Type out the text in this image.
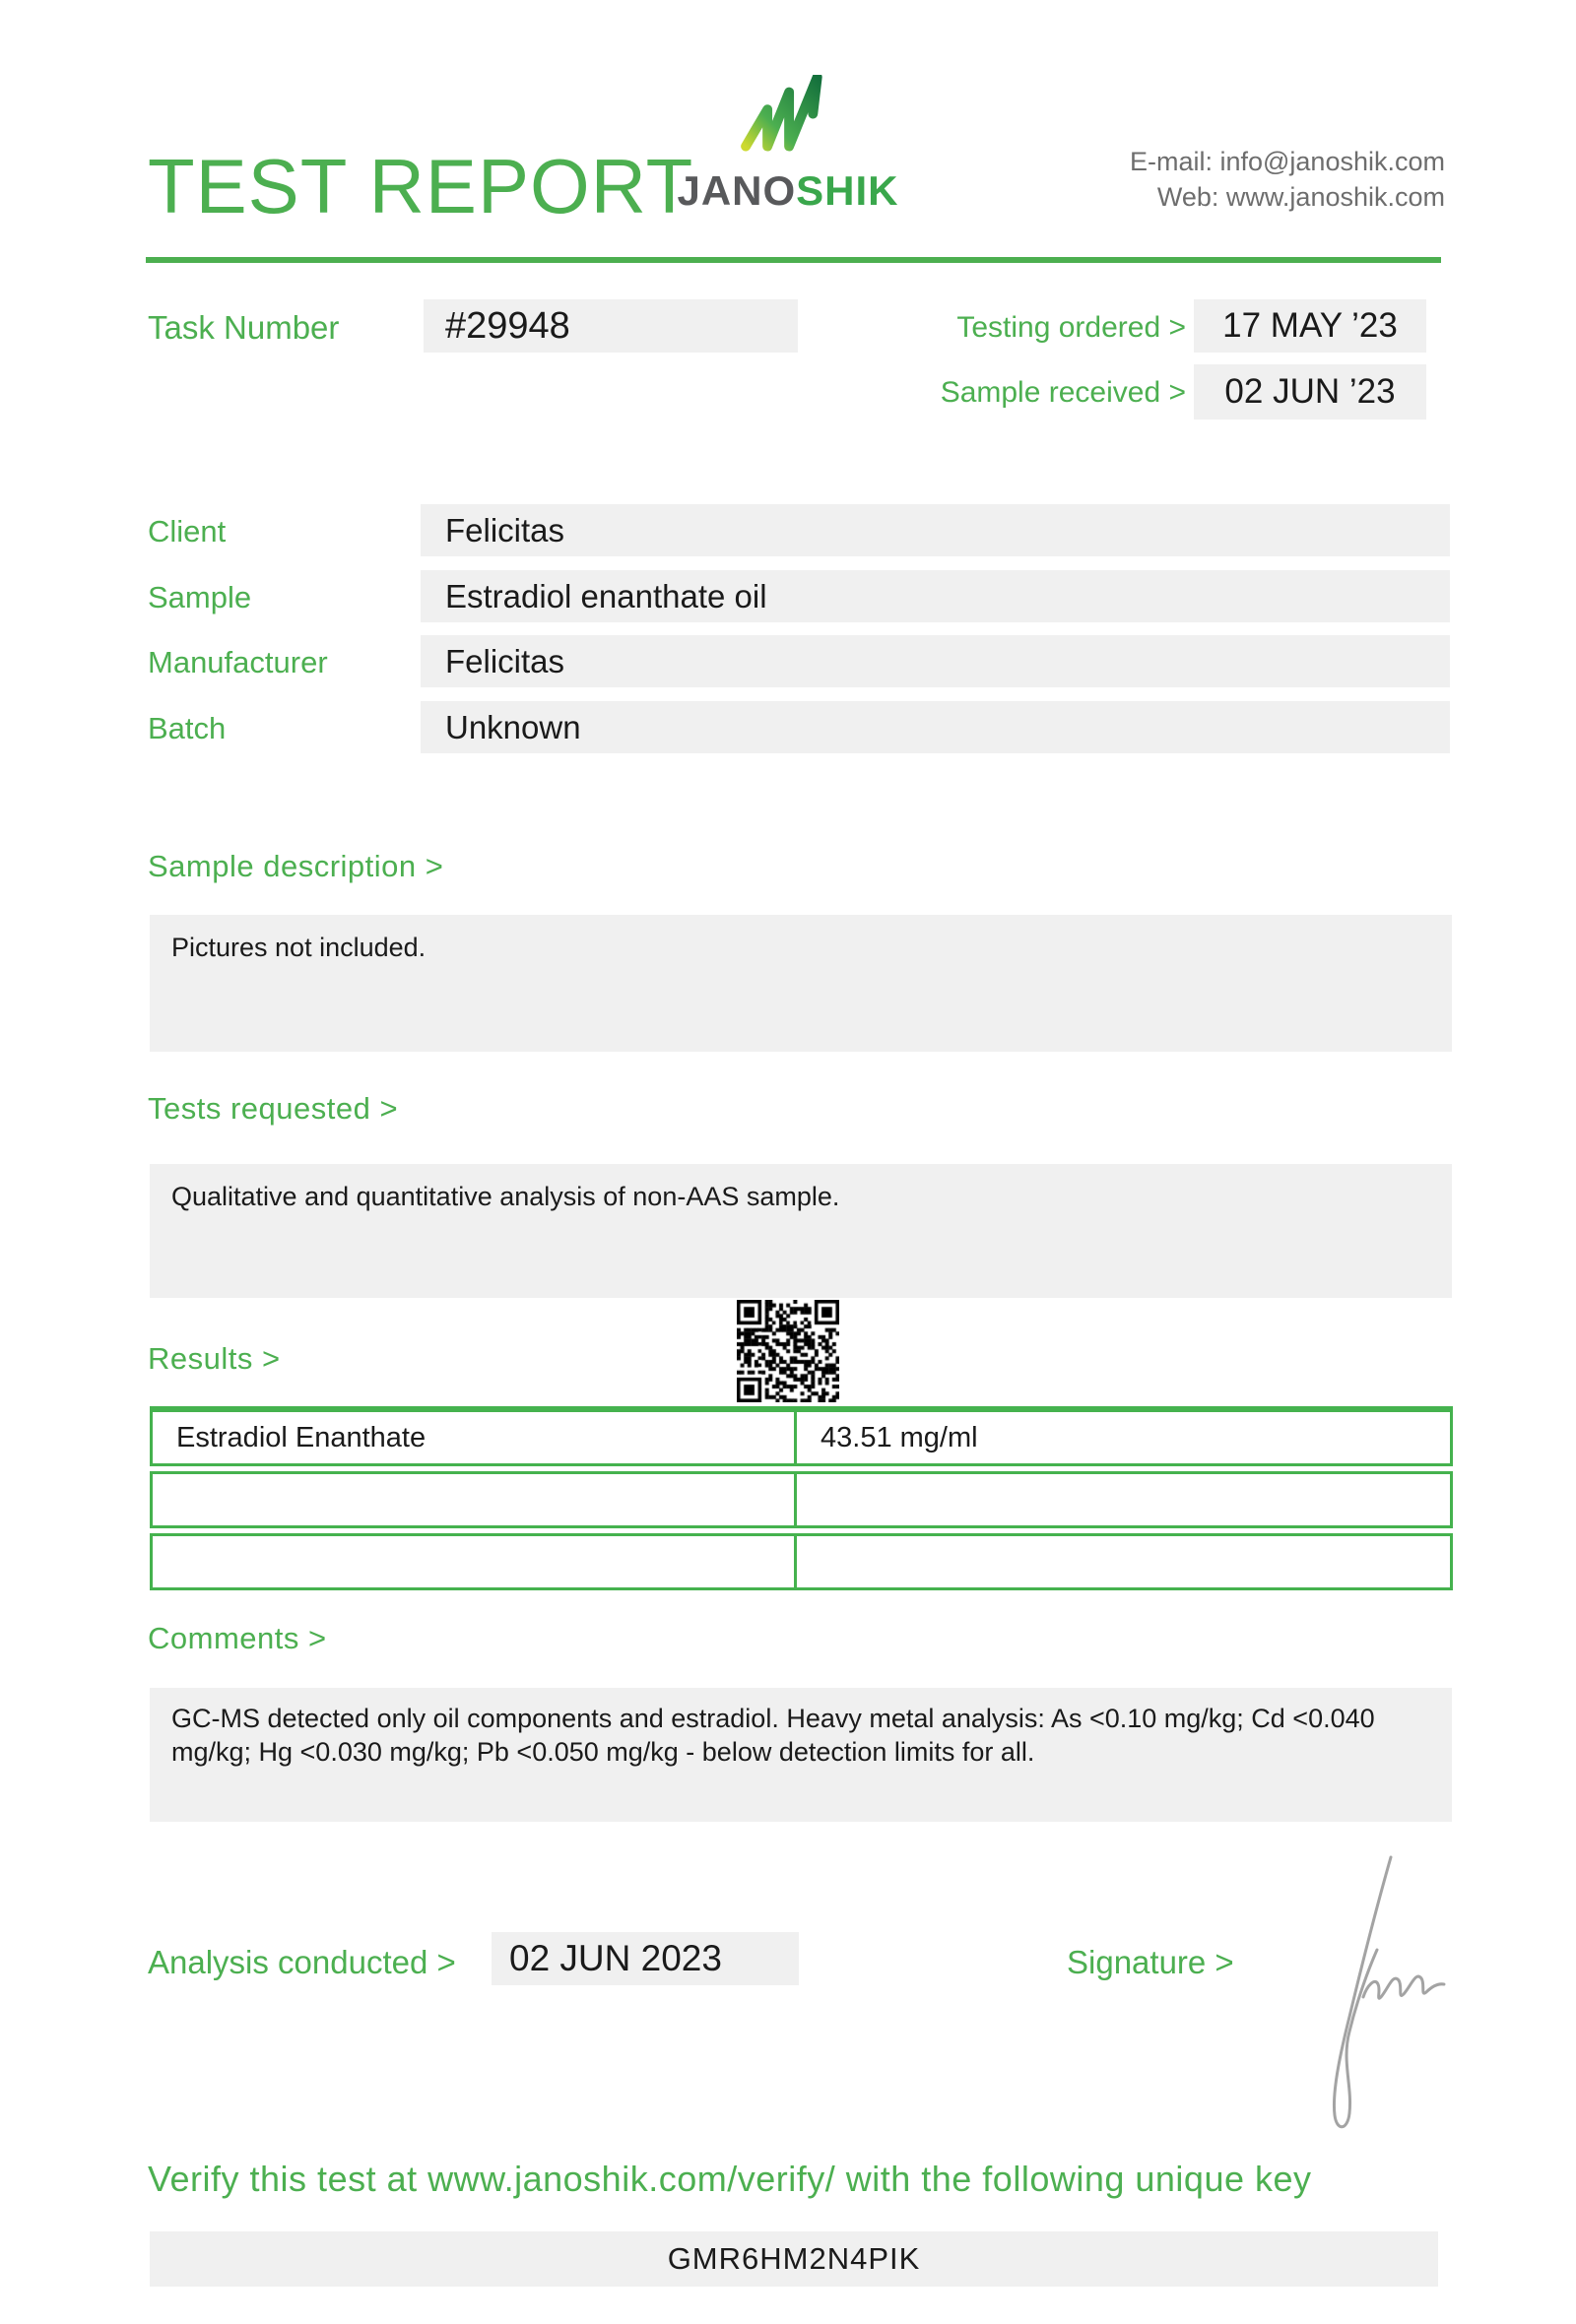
TEST REPORT
JANOSHIK
E-mail: info@janoshik.com
Web: www.janoshik.com
Task Number	#29948	Testing ordered >	17 MAY ’23
Sample received >	02 JUN ’23
Client	Felicitas
Sample	Estradiol enanthate oil
Manufacturer	Felicitas
Batch	Unknown
Sample description >
Pictures not included.
Tests requested >
Qualitative and quantitative analysis of non-AAS sample.
Results >
Estradiol Enanthate	43.51 mg/ml
Comments >
GC-MS detected only oil components and estradiol. Heavy metal analysis: As <0.10 mg/kg; Cd <0.040 mg/kg; Hg <0.030 mg/kg; Pb <0.050 mg/kg - below detection limits for all.
Analysis conducted >	02 JUN 2023	Signature >
Verify this test at www.janoshik.com/verify/ with the following unique key
GMR6HM2N4PIK
